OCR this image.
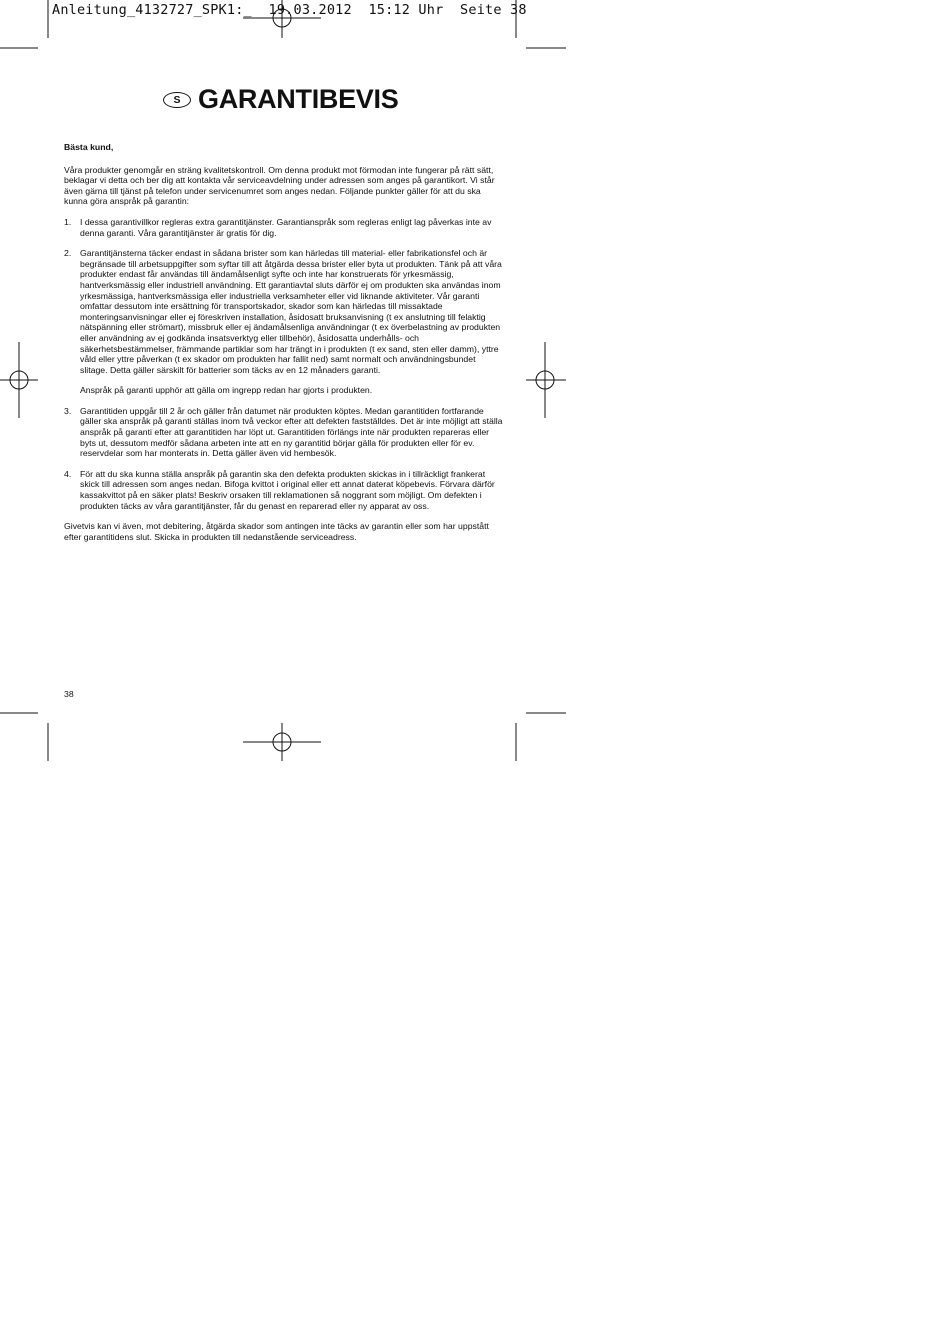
Anleitung_4132727_SPK1:_  19.03.2012  15:12 Uhr  Seite 38
S GARANTIBEVIS

Bästa kund,

Våra produkter genomgår en sträng kvalitetskontroll. Om denna produkt mot förmodan inte fungerar på rätt sätt, beklagar vi detta och ber dig att kontakta vår serviceavdelning under adressen som anges på garantikort. Vi står även gärna till tjänst på telefon under servicenumret som anges nedan. Följande punkter gäller för att du ska kunna göra anspråk på garantin:

1. I dessa garantivillkor regleras extra garantitjänster. Garantianspråk som regleras enligt lag påverkas inte av denna garanti. Våra garantitjänster är gratis för dig.

2. Garantitjänsterna täcker endast in sådana brister som kan härledas till material- eller fabrikationsfel och är begränsade till arbetsuppgifter som syftar till att åtgärda dessa brister eller byta ut produkten. Tänk på att våra produkter endast får användas till ändamålsenligt syfte och inte har konstruerats för yrkesmässig, hantverksmässig eller industriell användning. Ett garantiavtal sluts därför ej om produkten ska användas inom yrkesmässiga, hantverksmässiga eller industriella verksamheter eller vid liknande aktiviteter. Vår garanti omfattar dessutom inte ersättning för transportskador, skador som kan härledas till missaktade monteringsanvisningar eller ej föreskriven installation, åsidosatt bruksanvisning (t ex anslutning till felaktig nätspänning eller strömart), missbruk eller ej ändamålsenliga användningar (t ex överbelastning av produkten eller användning av ej godkända insatsverktyg eller tillbehör), åsidosatta underhålls- och säkerhetsbestämmelser, främmande partiklar som har trängt in i produkten (t ex sand, sten eller damm), yttre våld eller yttre påverkan (t ex skador om produkten har fallit ned) samt normalt och användningsbundet slitage. Detta gäller särskilt för batterier som täcks av en 12 månaders garanti.

Anspråk på garanti upphör att gälla om ingrepp redan har gjorts i produkten.

3. Garantitiden uppgår till 2 år och gäller från datumet när produkten köptes. Medan garantitiden fortfarande gäller ska anspråk på garanti ställas inom två veckor efter att defekten fastställdes. Det är inte möjligt att ställa anspråk på garanti efter att garantitiden har löpt ut. Garantitiden förlängs inte när produkten repareras eller byts ut, dessutom medför sådana arbeten inte att en ny garantitid börjar gälla för produkten eller för ev. reservdelar som har monterats in. Detta gäller även vid hembesök.

4. För att du ska kunna ställa anspråk på garantin ska den defekta produkten skickas in i tillräckligt frankerat skick till adressen som anges nedan. Bifoga kvittot i original eller ett annat daterat köpebevis. Förvara därför kassakvittot på en säker plats! Beskriv orsaken till reklamationen så noggrant som möjligt. Om defekten i produkten täcks av våra garantitjänster, får du genast en reparerad eller ny apparat av oss.

Givetvis kan vi även, mot debitering, åtgärda skador som antingen inte täcks av garantin eller som har uppstått efter garantitidens slut. Skicka in produkten till nedanstående serviceadress.

38
